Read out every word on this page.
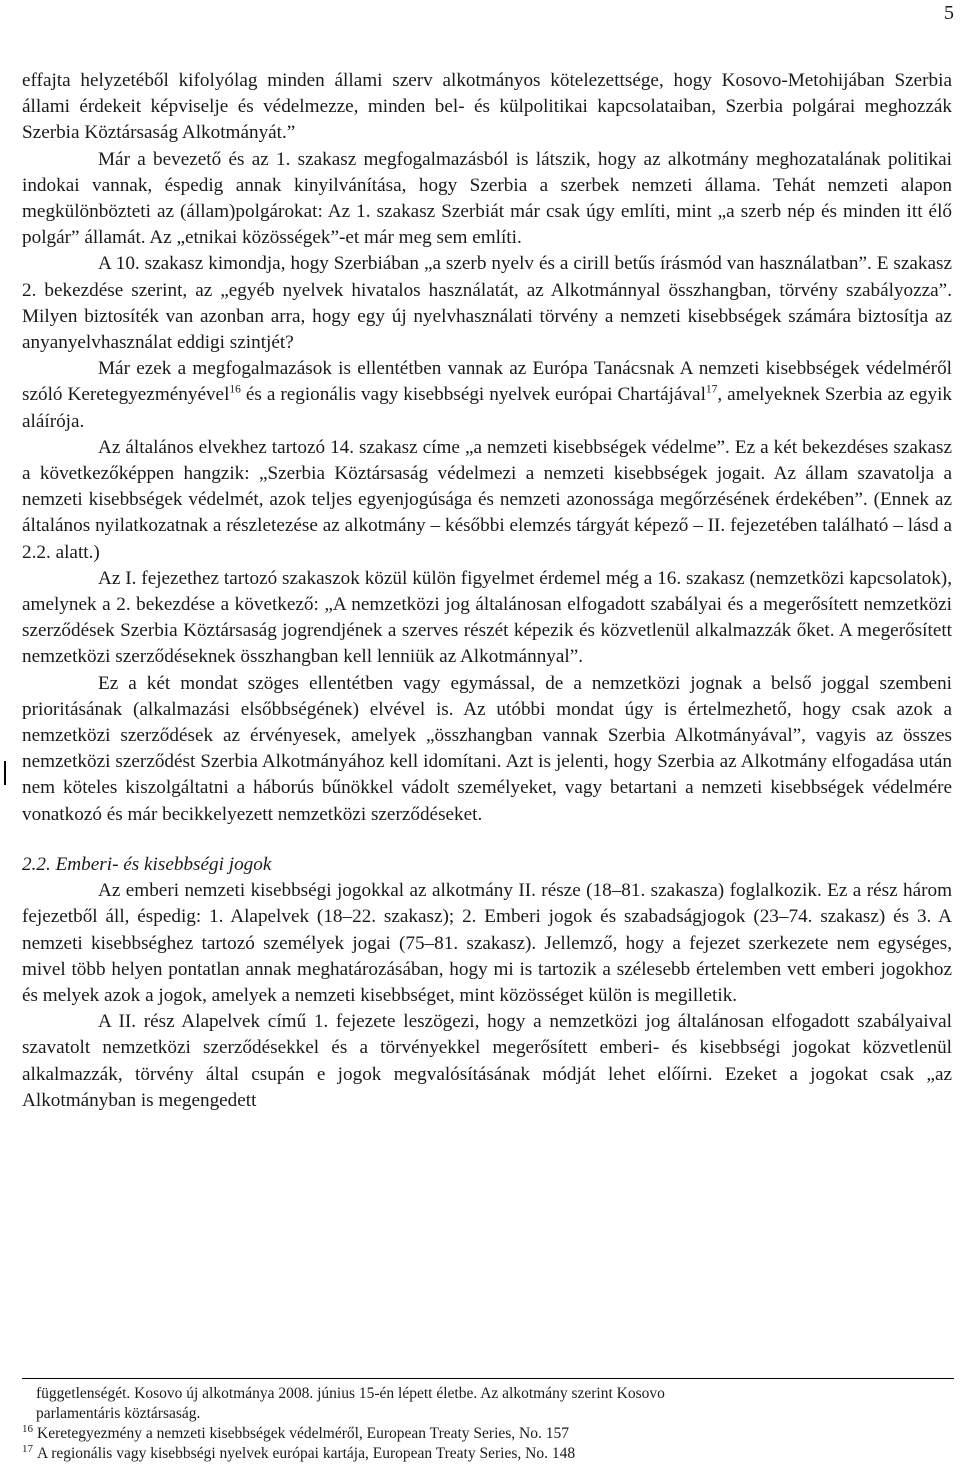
5

effajta helyzetéből kifolyólag minden állami szerv alkotmányos kötelezettsége, hogy Kosovo-Metohijában Szerbia állami érdekeit képviselje és védelmezze, minden bel- és külpolitikai kapcsolataiban, Szerbia polgárai meghozzák Szerbia Köztársaság Alkotmányát.”

Már a bevezető és az 1. szakasz megfogalmazásból is látszik, hogy az alkotmány meghozatalának politikai indokai vannak, éspedig annak kinyilvánítása, hogy Szerbia a szerbek nemzeti állama. Tehát nemzeti alapon megkülönbözteti az (állam)polgárokat: Az 1. szakasz Szerbiát már csak úgy említi, mint „a szerb nép és minden itt élő polgár” államát. Az „etnikai közösségek”-et már meg sem említi.

A 10. szakasz kimondja, hogy Szerbiában „a szerb nyelv és a cirill betűs írásmód van használatban”. E szakasz 2. bekezdése szerint, az „egyéb nyelvek hivatalos használatát, az Alkotmánnyal összhangban, törvény szabályozza”. Milyen biztosíték van azonban arra, hogy egy új nyelvhasználati törvény a nemzeti kisebbségek számára biztosítja az anyanyelvhasználat eddigi szintjét?

Már ezek a megfogalmazások is ellentétben vannak az Európa Tanácsnak A nemzeti kisebbségek védelméről szóló Keretegyezményével$^{16}$ és a regionális vagy kisebbségi nyelvek európai Chartájával$^{17}$, amelyeknek Szerbia az egyik aláírója.

Az általános elvekhez tartozó 14. szakasz címe „a nemzeti kisebbségek védelme”. Ez a két bekezdéses szakasz a következőképpen hangzik: „Szerbia Köztársaság védelmezi a nemzeti kisebbségek jogait. Az állam szavatolja a nemzeti kisebbségek védelmét, azok teljes egyenjogúsága és nemzeti azonossága megőrzésének érdekében”. (Ennek az általános nyilatkozatnak a részletezése az alkotmány – későbbi elemzés tárgyát képező – II. fejezetében található – lásd a 2.2. alatt.)

Az I. fejezethez tartozó szakaszok közül külön figyelmet érdemel még a 16. szakasz (nemzetközi kapcsolatok), amelynek a 2. bekezdése a következő: „A nemzetközi jog általánosan elfogadott szabályai és a megerősített nemzetközi szerződések Szerbia Köztársaság jogrendjének a szerves részét képezik és közvetlenül alkalmazzák őket. A megerősített nemzetközi szerződéseknek összhangban kell lenniük az Alkotmánnyal”.

Ez a két mondat szöges ellentétben vagy egymással, de a nemzetközi jognak a belső joggal szembeni prioritásának (alkalmazási elsőbbségének) elvével is. Az utóbbi mondat úgy is értelmezhető, hogy csak azok a nemzetközi szerződések az érvényesek, amelyek „összhangban vannak Szerbia Alkotmányával”, vagyis az összes nemzetközi szerződést Szerbia Alkotmányához kell idomítani. Azt is jelenti, hogy Szerbia az Alkotmány elfogadása után nem köteles kiszolgáltatni a háborús bűnökkel vádolt személyeket, vagy betartani a nemzeti kisebbségek védelmére vonatkozó és már becikkelyezett nemzetközi szerződéseket.

2.2. Emberi- és kisebbségi jogok

Az emberi nemzeti kisebbségi jogokkal az alkotmány II. része (18–81. szakasza) foglalkozik. Ez a rész három fejezetből áll, éspedig: 1. Alapelvek (18–22. szakasz); 2. Emberi jogok és szabadságjogok (23–74. szakasz) és 3. A nemzeti kisebbséghez tartozó személyek jogai (75–81. szakasz). Jellemző, hogy a fejezet szerkezete nem egységes, mivel több helyen pontatlan annak meghatározásában, hogy mi is tartozik a szélesebb értelemben vett emberi jogokhoz és melyek azok a jogok, amelyek a nemzeti kisebbséget, mint közösséget külön is megilletik.

A II. rész Alapelvek című 1. fejezete leszögezi, hogy a nemzetközi jog általánosan elfogadott szabályaival szavatolt nemzetközi szerződésekkel és a törvényekkel megerősített emberi- és kisebbségi jogokat közvetlenül alkalmazzák, törvény által csupán e jogok megvalósításának módját lehet előírni. Ezeket a jogokat csak „az Alkotmányban is megengedett

függetlenségét. Kosovo új alkotmánya 2008. június 15-én lépett életbe. Az alkotmány szerint Kosovo

parlamentáris köztársaság.

$^{16}$ Keretegyezmény a nemzeti kisebbségek védelméről, European Treaty Series, No. 157

$^{17}$ A regionális vagy kisebbségi nyelvek európai kartája, European Treaty Series, No. 148
